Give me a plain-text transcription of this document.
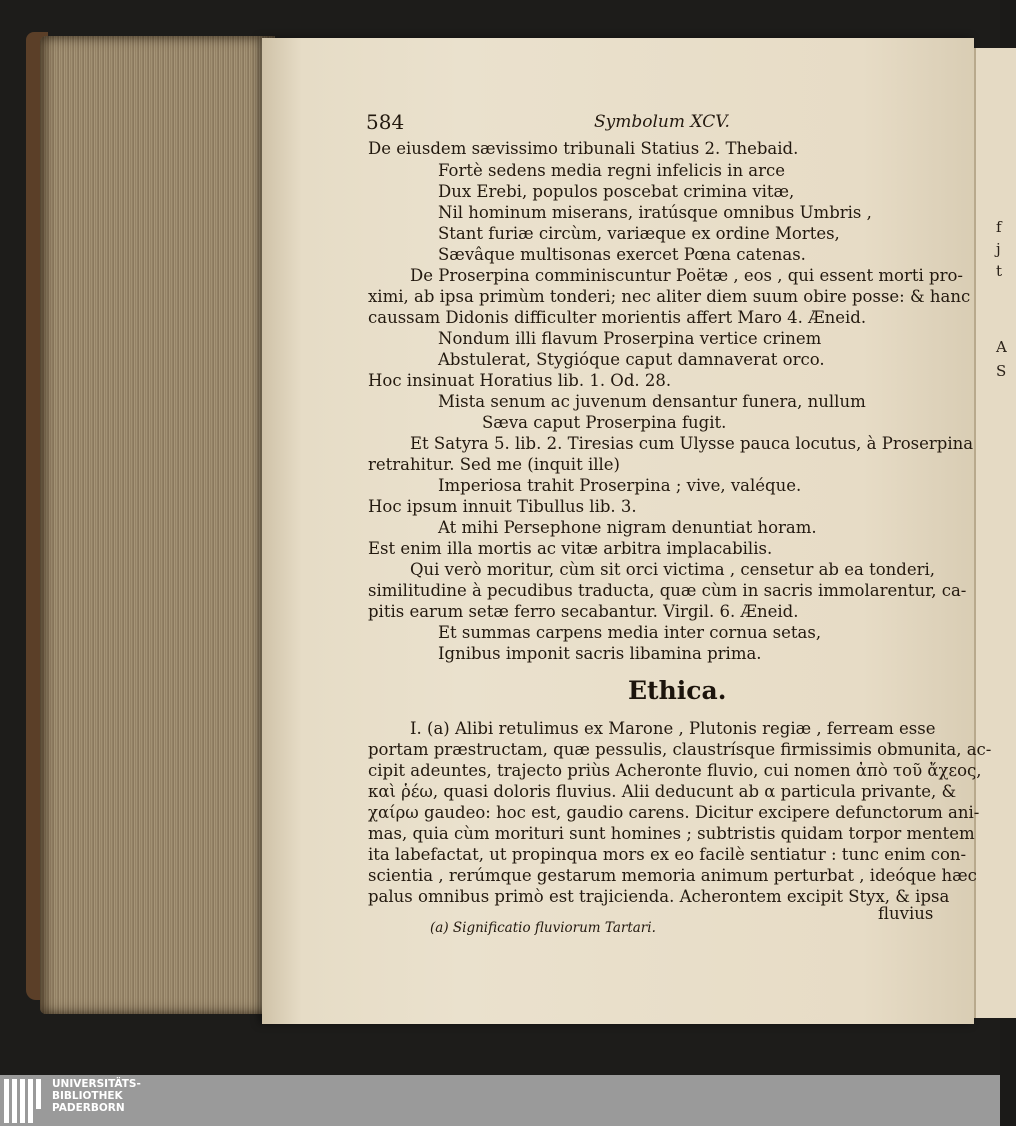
f
j
t
A
S
584	Symbolum XCV.
De eiusdem sævissimo tribunali Statius 2. Thebaid.
Fortè sedens media regni infelicis in arce
Dux Erebi, populos poscebat crimina vitæ,
Nil hominum miserans, iratúsque omnibus Umbris ,
Stant furiæ circùm, variæque ex ordine Mortes,
Sævâque multisonas exercet Pœna catenas.
De Proserpina comminiscuntur Poëtæ , eos , qui essent morti pro-
ximi, ab ipsa primùm tonderi; nec aliter diem suum obire posse: & hanc
caussam Didonis difficulter morientis affert Maro 4. Æneid.
Nondum illi flavum Proserpina vertice crinem
Abstulerat, Stygióque caput damnaverat orco.
Hoc insinuat Horatius lib. 1. Od. 28.
Mista senum ac juvenum densantur funera, nullum
Sæva caput Proserpina fugit.
Et Satyra 5. lib. 2. Tiresias cum Ulysse pauca locutus, à Proserpina
retrahitur. Sed me (inquit ille)
Imperiosa trahit Proserpina ; vive, valéque.
Hoc ipsum innuit Tibullus lib. 3.
At mihi Persephone nigram denuntiat horam.
Est enim illa mortis ac vitæ arbitra implacabilis.
Qui verò moritur, cùm sit orci victima , censetur ab ea tonderi,
similitudine à pecudibus traducta, quæ cùm in sacris immolarentur, ca-
pitis earum setæ ferro secabantur. Virgil. 6. Æneid.
Et summas carpens media inter cornua setas,
Ignibus imponit sacris libamina prima.
Ethica.
I. (a) Alibi retulimus ex Marone , Plutonis regiæ , ferream esse
portam præstructam, quæ pessulis, claustrísque firmissimis obmunita, ac-
cipit adeuntes, trajecto priùs Acheronte fluvio, cui nomen ἀπὸ τοῦ ἄχεος,
καὶ ῥέω, quasi doloris fluvius. Alii deducunt ab α particula privante, &
χαίρω gaudeo: hoc est, gaudio carens. Dicitur excipere defunctorum ani-
mas, quia cùm morituri sunt homines ; subtristis quidam torpor mentem
ita labefactat, ut propinqua mors ex eo facilè sentiatur : tunc enim con-
scientia , rerúmque gestarum memoria animum perturbat , ideóque hæc
palus omnibus primò est trajicienda. Acherontem excipit Styx, & ipsa
fluvius
(a) Significatio fluviorum Tartari.
UNIVERSITÄTS-
BIBLIOTHEK
PADERBORN
